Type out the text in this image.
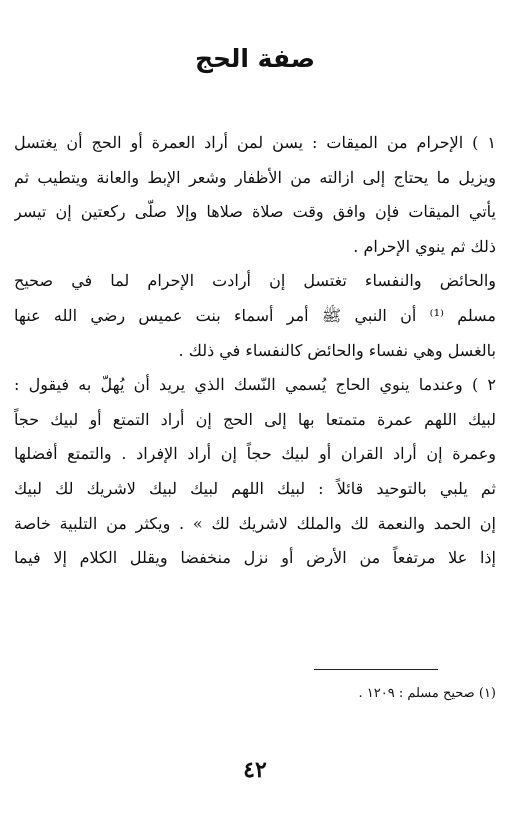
صفة الحج
١ ) الإحرام من الميقات : يسن لمن أراد العمرة أو الحج أن يغتسل
ويزيل ما يحتاج إلى ازالته من الأظفار وشعر الإبط والعانة ويتطيب ثم
يأتي الميقات فإن وافق وقت صلاة صلاها وإلا صلّى ركعتين إن تيسر
ذلك ثم ينوي الإحرام .
والحائض والنفساء تغتسل إن أرادت الإحرام لما في صحيح
مسلم ⁽¹⁾ أن النبي ﷺ أمر أسماء بنت عميس رضي الله عنها
بالغسل وهي نفساء والحائض كالنفساء في ذلك .
٢ ) وعندما ينوي الحاج يُسمي النّسك الذي يريد أن يُهلّ به فيقول :
لبيك اللهم عمرة متمتعا بها إلى الحج إن أراد التمتع أو لبيك حجاً
وعمرة إن أراد القران أو لبيك حجاً إن أراد الإفراد . والتمتع أفضلها
ثم يلبي بالتوحيد قائلاً : لبيك اللهم لبيك لبيك لاشريك لك لبيك
إن الحمد والنعمة لك والملك لاشريك لك » . ويكثر من التلبية خاصة
إذا علا مرتفعاً من الأرض أو نزل منخفضا ويقلل الكلام إلا فيما
(١) صحيح مسلم : ١٢٠٩ .
٤٢
